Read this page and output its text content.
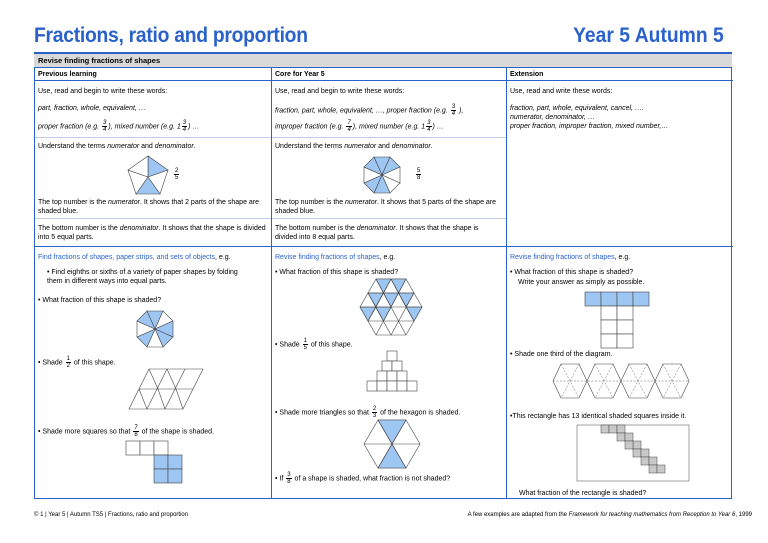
Fractions, ratio and proportion	Year 5 Autumn 5
Revise finding fractions of shapes
Previous learning
Use, read and begin to write these words:
part, fraction, whole, equivalent, …
proper fraction (e.g. $\frac{3}{4}$ ), mixed number (e.g. $1 \frac{3}{4}$ ) …
Understand the terms numerator and denominator.
$\frac{2}{5}$
The top number is the numerator. It shows that 2 parts of the shape are shaded blue.
The bottom number is the denominator. It shows that the shape is divided into 5 equal parts.
Find fractions of shapes, paper strips, and sets of objects, e.g.
• Find eighths or sixths of a variety of paper shapes by folding them in different ways into equal parts.
• What fraction of this shape is shaded?
• Shade $\frac{1}{2}$ of this shape.
• Shade more squares so that $\frac{7}{8}$ of the shape is shaded.
Core for Year 5
Use, read and begin to write these words:
fraction, part, whole, equivalent, …, proper fraction (e.g. $\frac{3}{4}$ ),
improper fraction (e.g. $\frac{7}{4}$ ), mixed number (e.g. $1 \frac{3}{4}$ ) …
Understand the terms numerator and denominator.
$\frac{5}{8}$
The top number is the numerator. It shows that 5 parts of the shape are shaded blue.
The bottom number is the denominator. It shows that the shape is divided into 8 equal parts.
Revise finding fractions of shapes, e.g.
• What fraction of this shape is shaded?
• Shade $\frac{1}{5}$ of this shape.
• Shade more triangles so that $\frac{2}{3}$ of the hexagon is shaded.
• If $\frac{3}{8}$ of a shape is shaded, what fraction is not shaded?
Extension
Use, read and write these words:
fraction, part, whole, equivalent, cancel, ….
numerator, denominator, …
proper fraction, improper fraction, mixed number,…
Revise finding fractions of shapes, e.g.
• What fraction of this shape is shaded?
Write your answer as simply as possible.
• Shade one third of the diagram.
•This rectangle has 13 identical shaded squares inside it.
What fraction of the rectangle is shaded?
© 1 | Year 5 | Autumn TS5 | Fractions, ratio and proportion	A few examples are adapted from the Framework for teaching mathematics from Reception to Year 6, 1999
